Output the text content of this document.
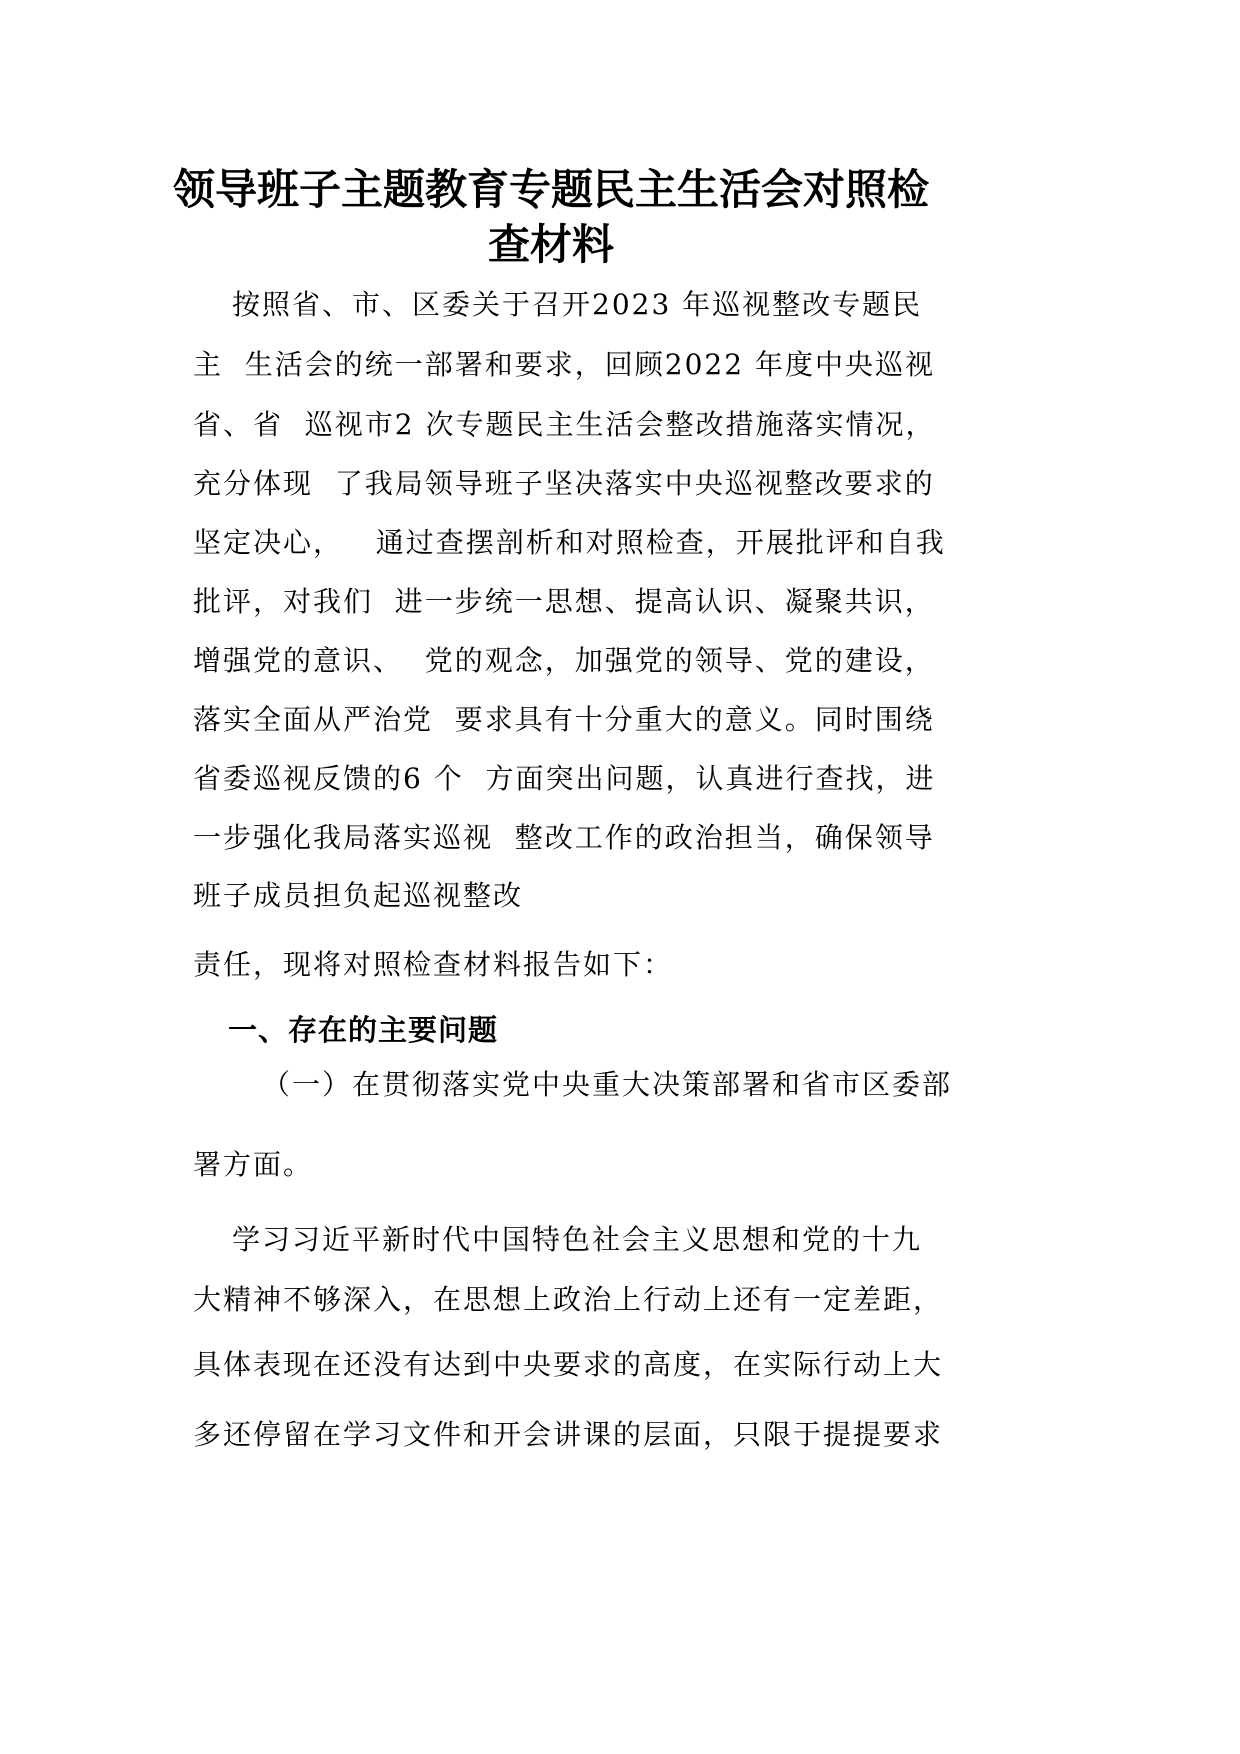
领导班子主题教育专题民主生活会对照检
查材料
按照省、市、区委关于召开2023 年巡视整改专题民
主  生活会的统一部署和要求，回顾2022 年度中央巡视
省、省  巡视市2 次专题民主生活会整改措施落实情况，
充分体现  了我局领导班子坚决落实中央巡视整改要求的
坚定决心，   通过查摆剖析和对照检查，开展批评和自我
批评，对我们  进一步统一思想、提高认识、凝聚共识，
增强党的意识、  党的观念，加强党的领导、党的建设，
落实全面从严治党  要求具有十分重大的意义。同时围绕
省委巡视反馈的6 个  方面突出问题，认真进行查找，进
一步强化我局落实巡视  整改工作的政治担当，确保领导
班子成员担负起巡视整改
责任，现将对照检查材料报告如下：
一、存在的主要问题
（一）在贯彻落实党中央重大决策部署和省市区委部
署方面。
学习习近平新时代中国特色社会主义思想和党的十九
大精神不够深入，在思想上政治上行动上还有一定差距，
具体表现在还没有达到中央要求的高度，在实际行动上大
多还停留在学习文件和开会讲课的层面，只限于提提要求
